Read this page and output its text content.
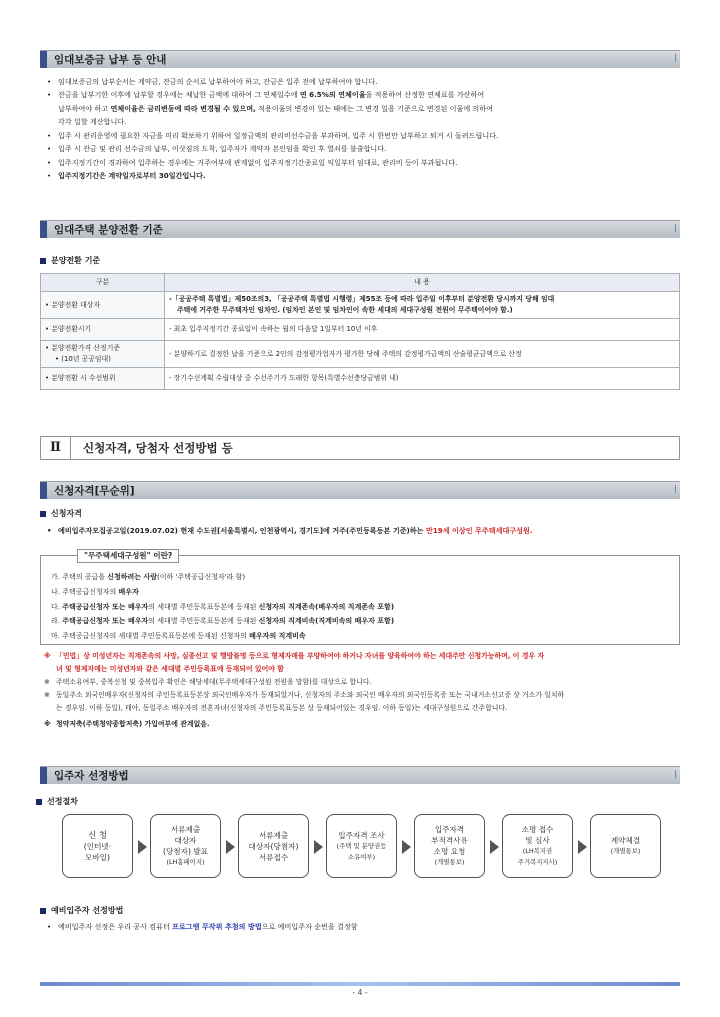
임대보증금 납부 등 안내
• 임대보증금의 납부순서는 계약금, 잔금의 순서로 납부하여야 하고, 잔금은 입주 전에 납부하여야 합니다.
• 잔금을 납부기한 이후에 납부할 경우에는 체납한 금액에 대하여 그 연체일수에 연 6.5%의 연체이율을 적용하여 산정한 연체료를 가산하여
납부하여야 하고 연체이율은 금리변동에 따라 변경될 수 있으며, 적용이율의 변경이 있는 때에는 그 변경 일을 기준으로 변경된 이율에 의하여
각각 일할 계산합니다.
• 입주 시 관리운영에 필요한 자금을 미리 확보하기 위하여 일정금액의 관리비선수금을 부과하며, 입주 시 한번만 납부하고 퇴거 시 돌려드립니다.
• 입주 시 잔금 및 관리 선수금의 납부, 이삿짐의 도착, 입주자가 계약자 본인임을 확인 후 열쇠를 불출합니다.
• 입주지정기간이 경과하여 입주하는 경우에는 거주여부에 관계없이 입주지정기간종료일 익일부터 임대료, 관리비 등이 부과됩니다.
• 입주지정기간은 계약일자로부터 30일간입니다.
임대주택 분양전환 기준
분양전환 기준
구분	내 용
• 분양전환 대상자	-「공공주택 특별법」제50조의3, 「공공주택 특별법 시행령」제55조 등에 따라 입주일 이후부터 분양전환 당시까지 당해 임대
주택에 거주한 무주택자인 임차인. (임차인 본인 및 임차인이 속한 세대의 세대구성원 전원이 무주택이어야 함.)
• 분양전환시기	- 최초 입주지정기간 종료일이 속하는 월의 다음달 1일부터 10년 이후
• 분양전환가격 산정기준
• (10년 공공임대)	- 분양하기로 결정한 날을 기준으로 2인의 감정평가업자가 평가한 당해 주택의 감정평가금액의 산술평균금액으로 산정
• 분양전환 시 수선범위	- 장기수선계획 수립대상 중 수선주기가 도래한 항목(특별수선충당금범위 내)
Ⅱ	신청자격, 당첨자 선정방법 등
신청자격[무순위]
신청자격
• 예비입주자모집공고일(2019.07.02) 현재 수도권[서울특별시, 인천광역시, 경기도]에 거주(주민등록등본 기준)하는 만19세 이상인 무주택세대구성원.
"무주택세대구성원" 이란?
가. 주택의 공급을 신청하려는 사람(이하 '주택공급신청자'라 함)
나. 주택공급신청자의 배우자
다. 주택공급신청자 또는 배우자의 세대별 주민등록표등본에 등재된 신청자의 직계존속(배우자의 직계존속 포함)
라. 주택공급신청자 또는 배우자의 세대별 주민등록표등본에 등재된 신청자의 직계비속(직계비속의 배우자 포함)
마. 주택공급신청자의 세대별 주민등록표등본에 등재된 신청자의 배우자의 직계비속

※ 「민법」상 미성년자는 직계존속의 사망, 실종선고 및 행방불명 등으로 형제자매를 부양하여야 하거나 자녀를 양육하여야 하는 세대주만 신청가능하며, 이 경우 자

녀 및 형제자매는 미성년자와 같은 세대별 주민등록표에 등재되어 있어야 함

※ 주택소유여부, 중복신청 및 중복입주 확인은 해당세대(무주택세대구성원 전원을 말함)를 대상으로 합니다.

※ 동일주소 외국인배우자(신청자의 주민등록표등본상 외국인배우자가 등재되었거나, 신청자의 주소와 외국인 배우자의 외국인등록증 또는 국내거소신고증 상 거소가 일치하

는 경우임. 이하 동일), 태아, 동일주소 배우자의 전혼자녀(신청자의 주민등록표등본 상 등재되어있는 경우임. 이하 동일)는 세대구성원으로 간주합니다.

※ 청약저축(주택청약종합저축) 가입여부에 관계없음.

입주자 선정방법
선정절차
신 청
(인터넷·
모바일)
서류제출
대상자
(당첨자) 발표
(LH홈페이지)
서류제출
대상자(당첨자)
서류접수
입주자격 조사
(주택 및 분양권등
소유여부)
입주자격
부적격사유
소명 요청
(개별통보)
소명 접수
및 심사
(LH복지권
주거복지지사)
계약체결
(개별통보)
예비입주자 선정방법
• 예비입주자 선정은 우리 공사 컴퓨터 프로그램 무작위 추첨의 방법으로 예비입주자 순번을 결정함
- 4 -
